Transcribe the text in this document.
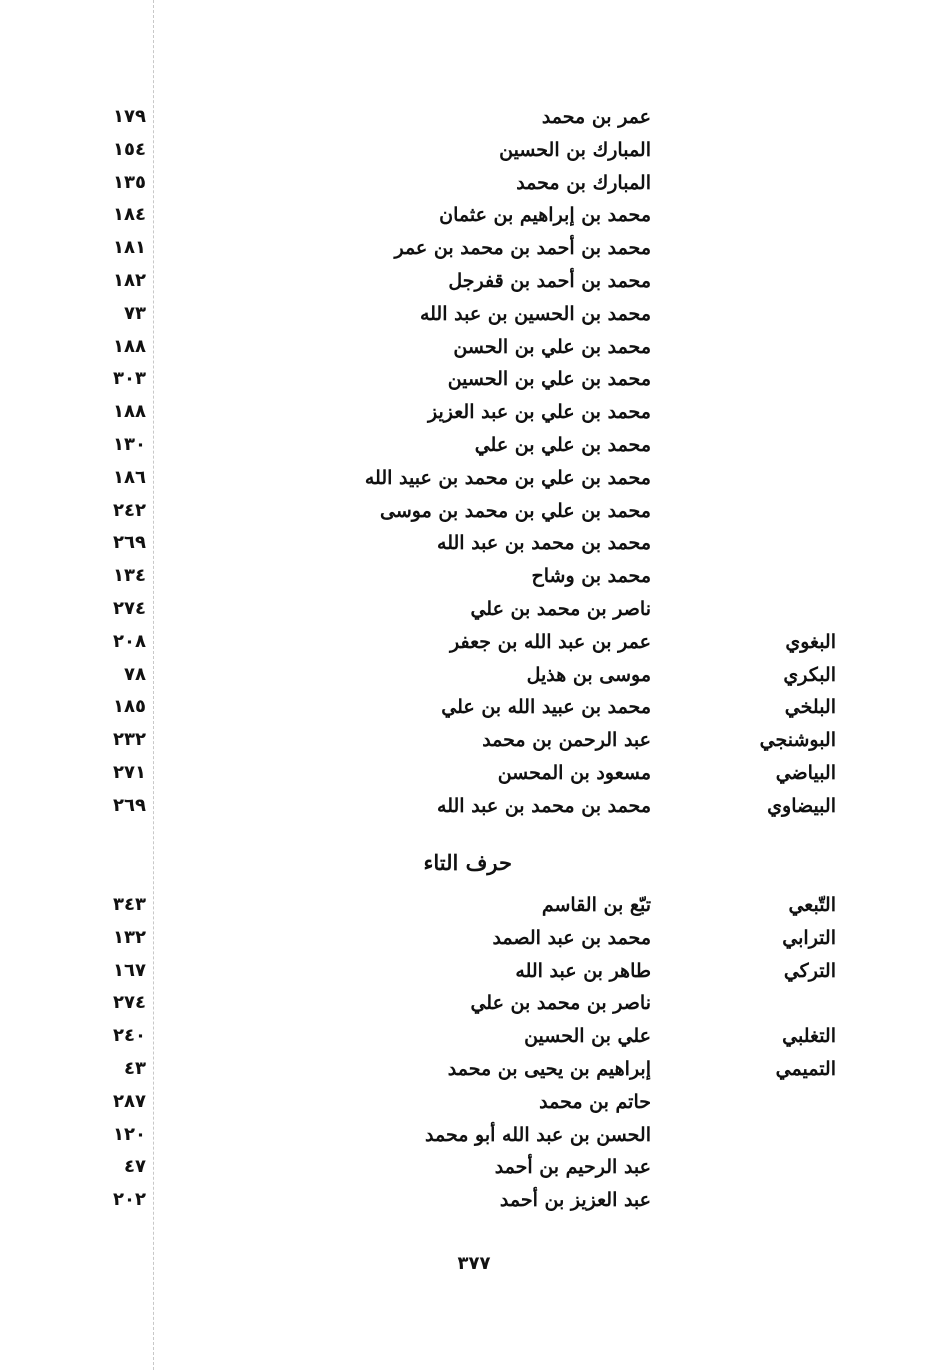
عمر بن محمد
١٧٩
المبارك بن الحسين
١٥٤
المبارك بن محمد
١٣٥
محمد بن إبراهيم بن عثمان
١٨٤
محمد بن أحمد بن محمد بن عمر
١٨١
محمد بن أحمد بن قفرجل
١٨٢
محمد بن الحسين بن عبد الله
٧٣
محمد بن علي بن الحسن
١٨٨
محمد بن علي بن الحسين
٣٠٣
محمد بن علي بن عبد العزيز
١٨٨
محمد بن علي بن علي
١٣٠
محمد بن علي بن محمد بن عبيد الله
١٨٦
محمد بن علي بن محمد بن موسى
٢٤٢
محمد بن محمد بن عبد الله
٢٦٩
محمد بن وشاح
١٣٤
ناصر بن محمد بن علي
٢٧٤
البغوي
عمر بن عبد الله بن جعفر
٢٠٨
البكري
موسى بن هذيل
٧٨
البلخي
محمد بن عبيد الله بن علي
١٨٥
البوشنجي
عبد الرحمن بن محمد
٢٣٢
البياضي
مسعود بن المحسن
٢٧١
البيضاوي
محمد بن محمد بن عبد الله
٢٦٩
حرف التاء
التّبعي
تبّع بن القاسم
٣٤٣
الترابي
محمد بن عبد الصمد
١٣٢
التركي
طاهر بن عبد الله
١٦٧
ناصر بن محمد بن علي
٢٧٤
التغلبي
علي بن الحسين
٢٤٠
التميمي
إبراهيم بن يحيى بن محمد
٤٣
حاتم بن محمد
٢٨٧
الحسن بن عبد الله أبو محمد
١٢٠
عبد الرحيم بن أحمد
٤٧
عبد العزيز بن أحمد
٢٠٢
٣٧٧
